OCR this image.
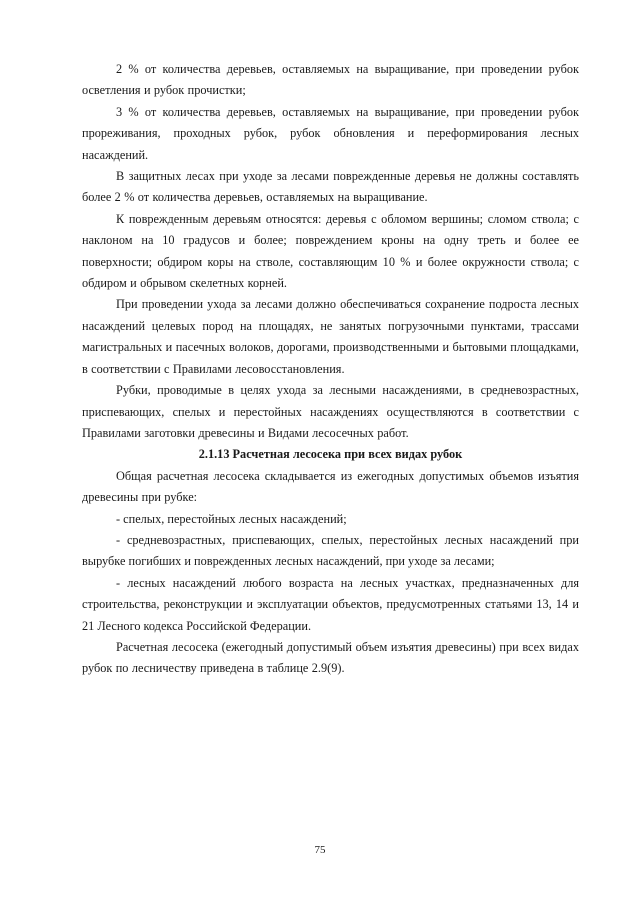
2 % от количества деревьев, оставляемых на выращивание, при проведении рубок осветления и рубок прочистки;

3 % от количества деревьев, оставляемых на выращивание, при проведении рубок прореживания, проходных рубок, рубок обновления и переформирования лесных насаждений.

В защитных лесах при уходе за лесами поврежденные деревья не должны составлять более 2 % от количества деревьев, оставляемых на выращивание.

К поврежденным деревьям относятся: деревья с обломом вершины; сломом ствола; с наклоном на 10 градусов и более; повреждением кроны на одну треть и более ее поверхности; обдиром коры на стволе, составляющим 10 % и более окружности ствола; с обдиром и обрывом скелетных корней.

При проведении ухода за лесами должно обеспечиваться сохранение подроста лесных насаждений целевых пород на площадях, не занятых погрузочными пунктами, трассами магистральных и пасечных волоков, дорогами, производственными и бытовыми площадками, в соответствии с Правилами лесовосстановления.

Рубки, проводимые в целях ухода за лесными насаждениями, в средневозрастных, приспевающих, спелых и перестойных насаждениях осуществляются в соответствии с Правилами заготовки древесины и Видами лесосечных работ.

2.1.13 Расчетная лесосека при всех видах рубок

Общая расчетная лесосека складывается из ежегодных допустимых объемов изъятия древесины при рубке:

- спелых, перестойных лесных насаждений;

- средневозрастных, приспевающих, спелых, перестойных лесных насаждений при вырубке погибших и поврежденных лесных насаждений, при уходе за лесами;

- лесных насаждений любого возраста на лесных участках, предназначенных для строительства, реконструкции и эксплуатации объектов, предусмотренных статьями 13, 14 и 21 Лесного кодекса Российской Федерации.

Расчетная лесосека (ежегодный допустимый объем изъятия древесины) при всех видах рубок по лесничеству приведена в таблице 2.9(9).

75
